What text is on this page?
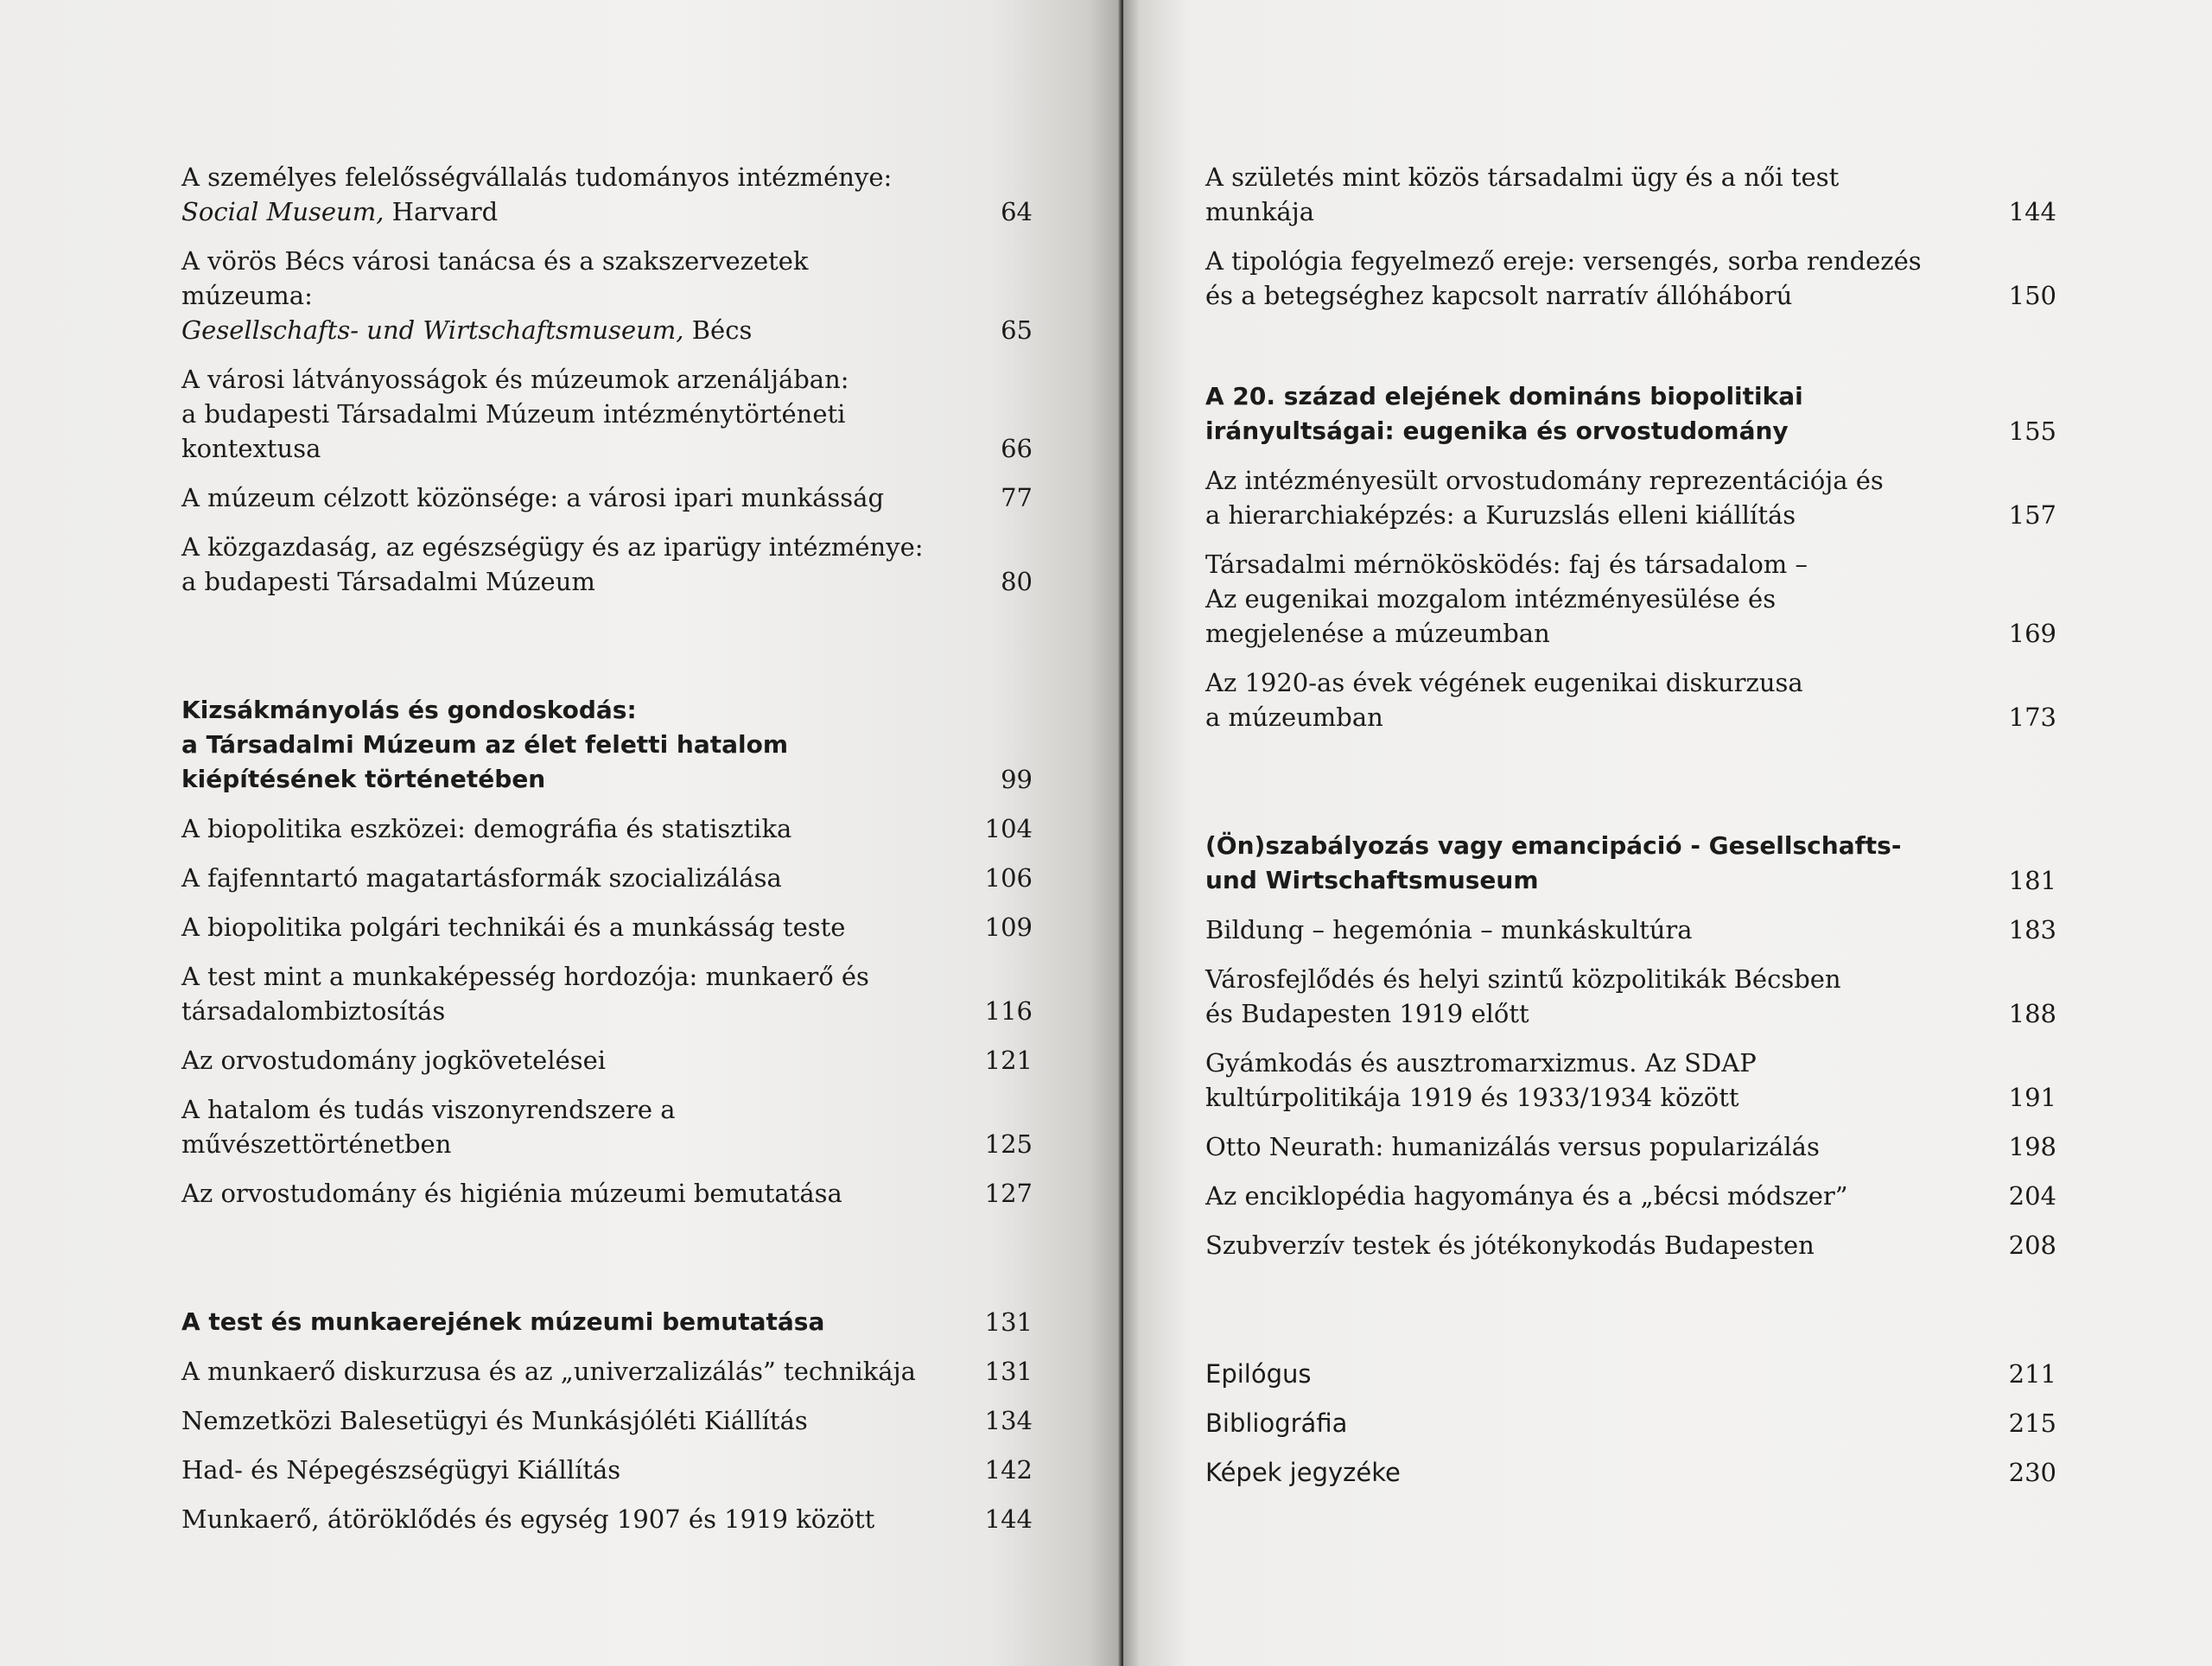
A személyes felelősségvállalás tudományos intézménye:
Social Museum, Harvard	64
A vörös Bécs városi tanácsa és a szakszervezetek múzeuma:
Gesellschafts- und Wirtschaftsmuseum, Bécs	65
A városi látványosságok és múzeumok arzenáljában:
a budapesti Társadalmi Múzeum intézménytörténeti
kontextusa	66
A múzeum célzott közönsége: a városi ipari munkásság	77
A közgazdaság, az egészségügy és az iparügy intézménye:
a budapesti Társadalmi Múzeum	80
Kizsákmányolás és gondoskodás:
a Társadalmi Múzeum az élet feletti hatalom
kiépítésének történetében	99
A biopolitika eszközei: demográfia és statisztika	104
A fajfenntartó magatartásformák szocializálása	106
A biopolitika polgári technikái és a munkásság teste	109
A test mint a munkaképesség hordozója: munkaerő és
társadalombiztosítás	116
Az orvostudomány jogkövetelései	121
A hatalom és tudás viszonyrendszere a művészettörténetben	125
Az orvostudomány és higiénia múzeumi bemutatása	127
A test és munkaerejének múzeumi bemutatása	131
A munkaerő diskurzusa és az „univerzalizálás” technikája	131
Nemzetközi Balesetügyi és Munkásjóléti Kiállítás	134
Had- és Népegészségügyi Kiállítás	142
Munkaerő, átöröklődés és egység 1907 és 1919 között	144
A születés mint közös társadalmi ügy és a női test munkája	144
A tipológia fegyelmező ereje: versengés, sorba rendezés
és a betegséghez kapcsolt narratív állóháború	150
A 20. század elejének domináns biopolitikai
irányultságai: eugenika és orvostudomány	155
Az intézményesült orvostudomány reprezentációja és
a hierarchiaképzés: a Kuruzslás elleni kiállítás	157
Társadalmi mérnökösködés: faj és társadalom –
Az eugenikai mozgalom intézményesülése és
megjelenése a múzeumban	169
Az 1920-as évek végének eugenikai diskurzusa
a múzeumban	173
(Ön)szabályozás vagy emancipáció - Gesellschafts-
und Wirtschaftsmuseum	181
Bildung – hegemónia – munkáskultúra	183
Városfejlődés és helyi szintű közpolitikák Bécsben
és Budapesten 1919 előtt	188
Gyámkodás és ausztromarxizmus. Az SDAP
kultúrpolitikája 1919 és 1933/1934 között	191
Otto Neurath: humanizálás versus popularizálás	198
Az enciklopédia hagyománya és a „bécsi módszer”	204
Szubverzív testek és jótékonykodás Budapesten	208
Epilógus	211
Bibliográfia	215
Képek jegyzéke	230
